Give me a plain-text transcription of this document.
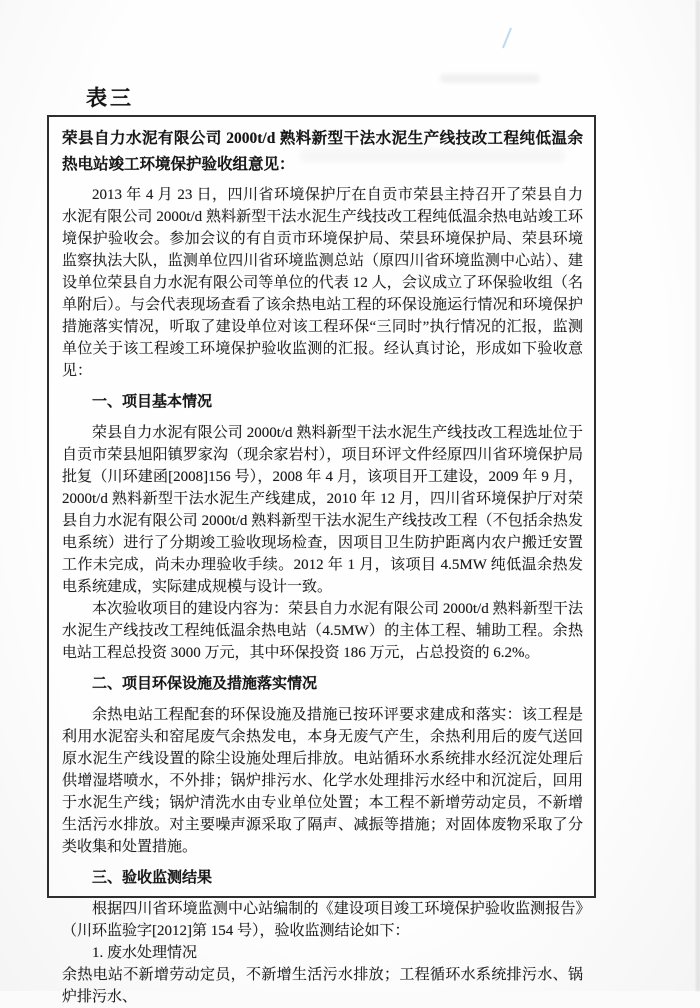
表三

荣县自力水泥有限公司 2000t/d 熟料新型干法水泥生产线技改工程纯低温余热电站竣工环境保护验收组意见：

2013 年 4 月 23 日，四川省环境保护厅在自贡市荣县主持召开了荣县自力水泥有限公司 2000t/d 熟料新型干法水泥生产线技改工程纯低温余热电站竣工环境保护验收会。参加会议的有自贡市环境保护局、荣县环境保护局、荣县环境监察执法大队，监测单位四川省环境监测总站（原四川省环境监测中心站）、建设单位荣县自力水泥有限公司等单位的代表 12 人，会议成立了环保验收组（名单附后）。与会代表现场查看了该余热电站工程的环保设施运行情况和环境保护措施落实情况，听取了建设单位对该工程环保“三同时”执行情况的汇报，监测单位关于该工程竣工环境保护验收监测的汇报。经认真讨论，形成如下验收意见：

一、项目基本情况

荣县自力水泥有限公司 2000t/d 熟料新型干法水泥生产线技改工程选址位于自贡市荣县旭阳镇罗家沟（现余家岩村），项目环评文件经原四川省环境保护局批复（川环建函[2008]156 号），2008 年 4 月，该项目开工建设，2009 年 9 月，2000t/d 熟料新型干法水泥生产线建成，2010 年 12 月，四川省环境保护厅对荣县自力水泥有限公司 2000t/d 熟料新型干法水泥生产线技改工程（不包括余热发电系统）进行了分期竣工验收现场检查，因项目卫生防护距离内农户搬迁安置工作未完成，尚未办理验收手续。2012 年 1 月，该项目 4.5MW 纯低温余热发电系统建成，实际建成规模与设计一致。

本次验收项目的建设内容为：荣县自力水泥有限公司 2000t/d 熟料新型干法水泥生产线技改工程纯低温余热电站（4.5MW）的主体工程、辅助工程。余热电站工程总投资 3000 万元，其中环保投资 186 万元，占总投资的 6.2%。

二、项目环保设施及措施落实情况

余热电站工程配套的环保设施及措施已按环评要求建成和落实：该工程是利用水泥窑头和窑尾废气余热发电，本身无废气产生，余热利用后的废气送回原水泥生产线设置的除尘设施处理后排放。电站循环水系统排水经沉淀处理后供增湿塔喷水，不外排；锅炉排污水、化学水处理排污水经中和沉淀后，回用于水泥生产线；锅炉清洗水由专业单位处置；本工程不新增劳动定员，不新增生活污水排放。对主要噪声源采取了隔声、减振等措施；对固体废物采取了分类收集和处置措施。

三、验收监测结果

根据四川省环境监测中心站编制的《建设项目竣工环境保护验收监测报告》（川环监验字[2012]第 154 号），验收监测结论如下：

1. 废水处理情况

余热电站不新增劳动定员，不新增生活污水排放；工程循环水系统排污水、锅炉排污水、
